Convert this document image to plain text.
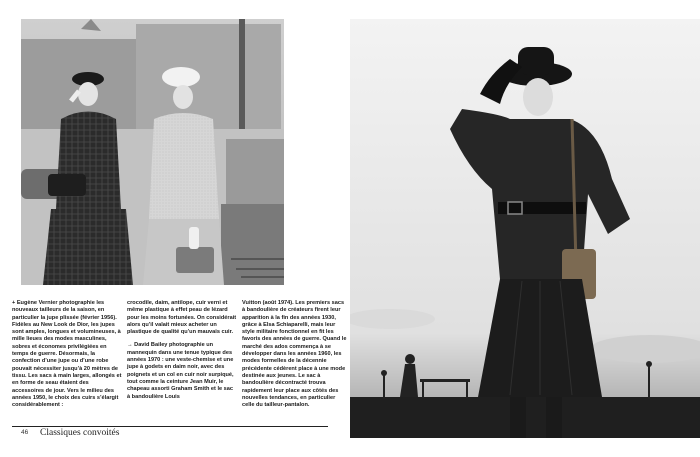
+ Eugène Vernier photographie les nouveaux tailleurs de la saison, en particulier la jupe plissée (février 1956). Fidèles au New Look de Dior, les jupes sont amples, longues et volumineuses, à mille lieues des modes masculines, sobres et économes privilégiées en temps de guerre. Désormais, la confection d’une jupe ou d’une robe pouvait nécessiter jusqu’à 20 mètres de tissu. Les sacs à main larges, allongés et en forme de seau étaient des accessoires de jour. Vers le milieu des années 1950, le choix des cuirs s’élargit considérablement :

crocodile, daim, antilope, cuir verni et même plastique à effet peau de lézard pour les moins fortunées. On considérait alors qu’il valait mieux acheter un plastique de qualité qu’un mauvais cuir.

→ David Bailey photographie un mannequin dans une tenue typique des années 1970 : une veste-chemise et une jupe à godets en daim noir, avec des poignets et un col en cuir noir surpiqué, tout comme la ceinture Jean Muir, le chapeau assorti Graham Smith et le sac à bandoulière Louis

Vuitton (août 1974). Les premiers sacs à bandoulière de créateurs firent leur apparition à la fin des années 1930, grâce à Elsa Schiaparelli, mais leur style militaire fonctionnel en fit les favoris des années de guerre. Quand le marché des ados commença à se développer dans les années 1960, les modes formelles de la décennie précédente cédèrent place à une mode destinée aux jeunes. Le sac à bandoulière décontracté trouva rapidement leur place aux côtés des nouvelles tendances, en particulier celle du tailleur-pantalon.

46 Classiques convoités
